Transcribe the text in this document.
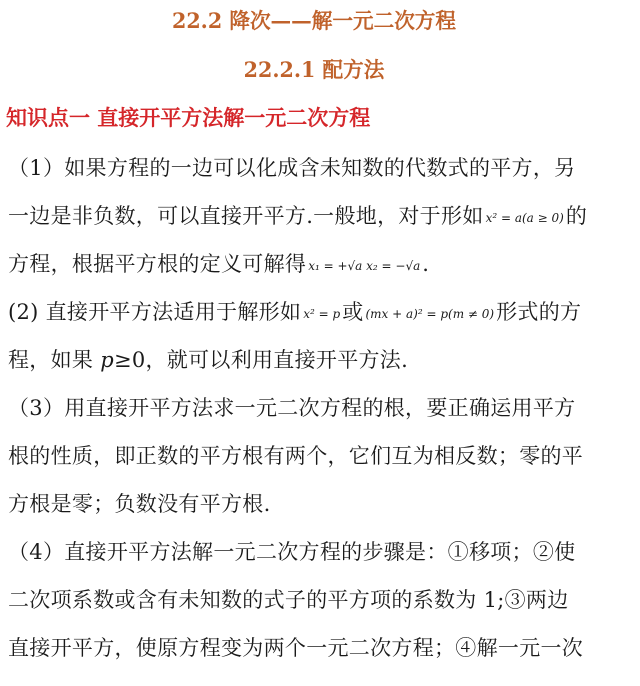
22.2 降次——解一元二次方程
22.2.1 配方法
知识点一 直接开平方法解一元二次方程
（1）如果方程的一边可以化成含未知数的代数式的平方，另
一边是非负数，可以直接开平方.一般地，对于形如 x² = a(a ≥ 0)的
方程，根据平方根的定义可解得 x₁ = +√a x₂ = −√a.
(2) 直接开平方法适用于解形如 x² = p或 (mx + a)² = p(m ≠ 0)形式的方
程，如果 p≥0，就可以利用直接开平方法.
（3）用直接开平方法求一元二次方程的根，要正确运用平方
根的性质，即正数的平方根有两个，它们互为相反数；零的平
方根是零；负数没有平方根.
（4）直接开平方法解一元二次方程的步骤是：①移项；②使
二次项系数或含有未知数的式子的平方项的系数为 1;③两边
直接开平方，使原方程变为两个一元二次方程；④解一元一次
